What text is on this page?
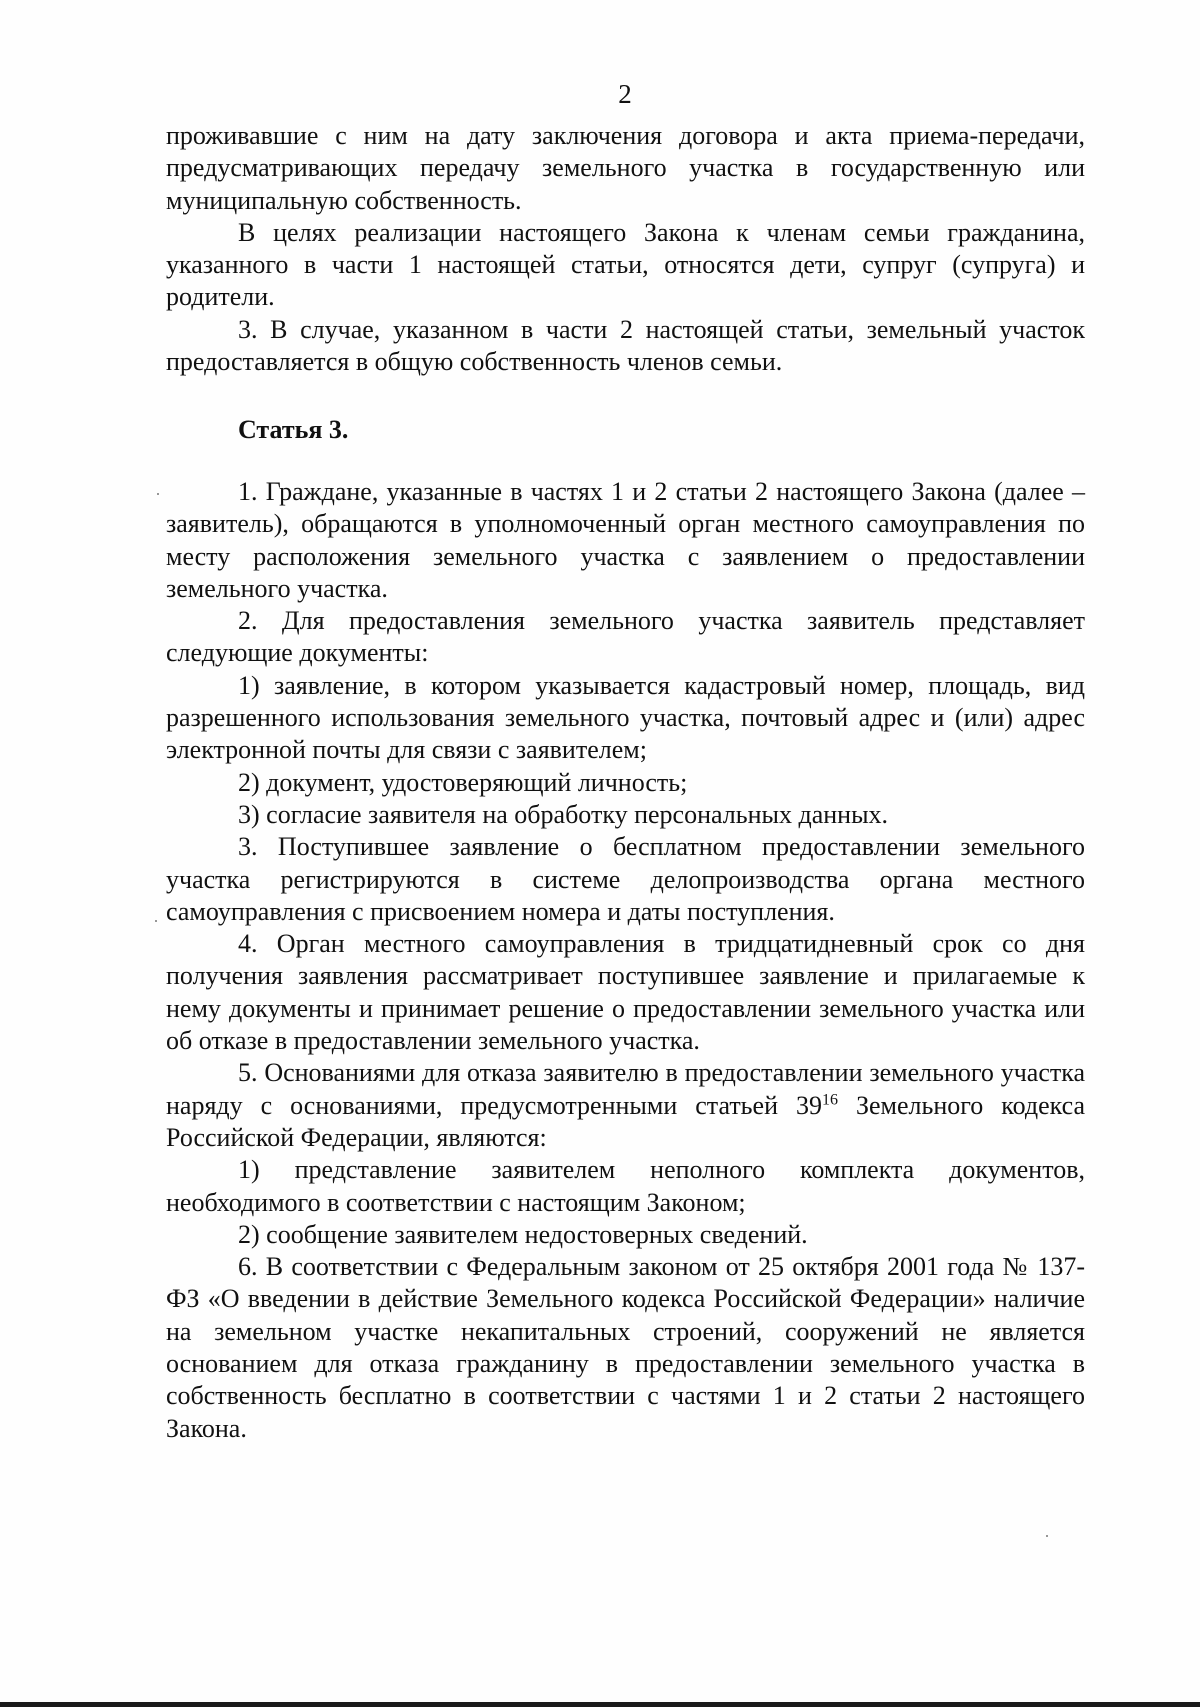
2

проживавшие с ним на дату заключения договора и акта приема-передачи, предусматривающих передачу земельного участка в государственную или муниципальную собственность.

В целях реализации настоящего Закона к членам семьи гражданина, указанного в части 1 настоящей статьи, относятся дети, супруг (супруга) и родители.

3. В случае, указанном в части 2 настоящей статьи, земельный участок предоставляется в общую собственность членов семьи.

Статья 3.

1. Граждане, указанные в частях 1 и 2 статьи 2 настоящего Закона (далее – заявитель), обращаются в уполномоченный орган местного самоуправления по месту расположения земельного участка с заявлением о предоставлении земельного участка.

2. Для предоставления земельного участка заявитель представляет следующие документы:

1) заявление, в котором указывается кадастровый номер, площадь, вид разрешенного использования земельного участка, почтовый адрес и (или) адрес электронной почты для связи с заявителем;

2) документ, удостоверяющий личность;

3) согласие заявителя на обработку персональных данных.

3. Поступившее заявление о бесплатном предоставлении земельного участка регистрируются в системе делопроизводства органа местного самоуправления с присвоением номера и даты поступления.

4. Орган местного самоуправления в тридцатидневный срок со дня получения заявления рассматривает поступившее заявление и прилагаемые к нему документы и принимает решение о предоставлении земельного участка или об отказе в предоставлении земельного участка.

5. Основаниями для отказа заявителю в предоставлении земельного участка наряду с основаниями, предусмотренными статьей $39^{16}$ Земельного кодекса Российской Федерации, являются:

1) представление заявителем неполного комплекта документов, необходимого в соответствии с настоящим Законом;

2) сообщение заявителем недостоверных сведений.

6. В соответствии с Федеральным законом от 25 октября 2001 года № 137-ФЗ «О введении в действие Земельного кодекса Российской Федерации» наличие на земельном участке некапитальных строений, сооружений не является основанием для отказа гражданину в предоставлении земельного участка в собственность бесплатно в соответствии с частями 1 и 2 статьи 2 настоящего Закона.
